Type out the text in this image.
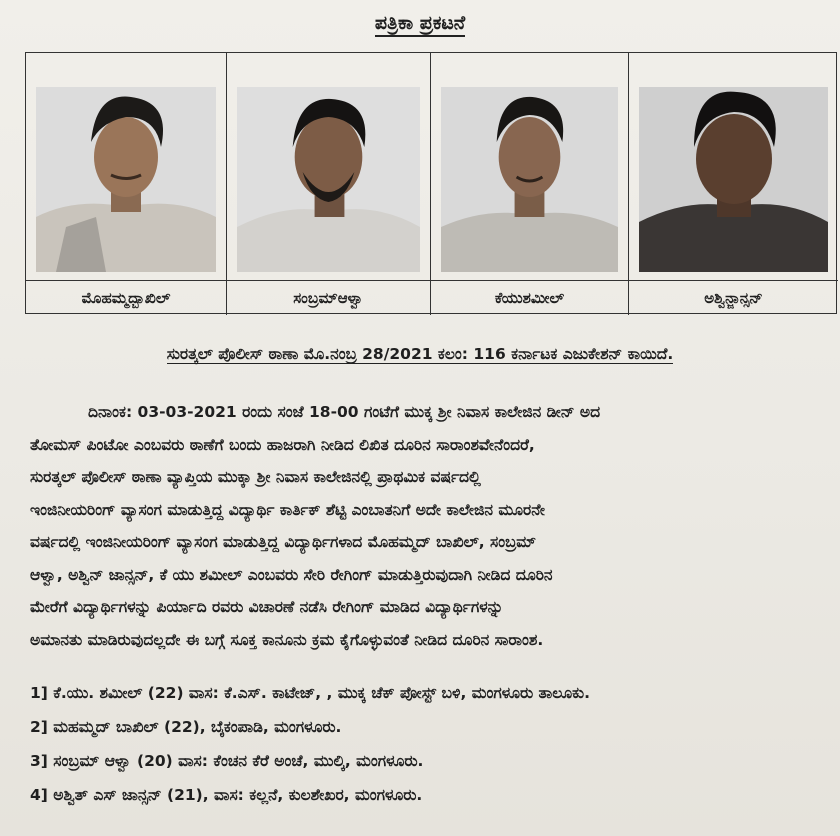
ಪತ್ರಿಕಾ ಪ್ರಕಟನೆ
ಮೊಹಮ್ಮದ್ಬಾಖಿಲ್	ಸಂಬ್ರಮ್ಆಳ್ವಾ	ಕೆಯುಶಮೀಲ್	ಅಶ್ವಿನ್ಜಾನ್ಸನ್
ಸುರತ್ಕಲ್ ಪೊಲೀಸ್ ಠಾಣಾ ಮೊ.ನಂಬ್ರ 28/2021 ಕಲಂ: 116 ಕರ್ನಾಟಕ ಎಜುಕೇಶನ್ ಕಾಯಿದೆ.

ದಿನಾಂಕ: 03-03-2021 ರಂದು ಸಂಜೆ 18-00 ಗಂಟೆಗೆ ಮುಕ್ಕ ಶ್ರೀ ನಿವಾಸ ಕಾಲೇಜಿನ ಡೀನ್ ಅದ

ತೋಮಸ್ ಪಿಂಟೋ ಎಂಬವರು ಠಾಣೆಗೆ ಬಂದು ಹಾಜರಾಗಿ ನೀಡಿದ ಲಿಖಿತ ದೂರಿನ ಸಾರಾಂಶವೇನೆಂದರೆ,

ಸುರತ್ಕಲ್ ಪೊಲೀಸ್ ಠಾಣಾ ವ್ಯಾಪ್ತಿಯ ಮುಕ್ಕಾ ಶ್ರೀ ನಿವಾಸ ಕಾಲೇಜಿನಲ್ಲಿ ಪ್ರಾಥಮಿಕ ವರ್ಷದಲ್ಲಿ

ಇಂಜಿನೀಯರಿಂಗ್ ವ್ಯಾಸಂಗ ಮಾಡುತ್ತಿದ್ದ ವಿದ್ಯಾರ್ಥಿ ಕಾರ್ತಿಕ್ ಶೆಟ್ಟಿ ಎಂಬಾತನಿಗೆ ಅದೇ ಕಾಲೇಜಿನ ಮೂರನೇ

ವರ್ಷದಲ್ಲಿ ಇಂಜಿನೀಯರಿಂಗ್ ವ್ಯಾಸಂಗ ಮಾಡುತ್ತಿದ್ದ ವಿದ್ಯಾರ್ಥಿಗಳಾದ ಮೊಹಮ್ಮದ್ ಬಾಖಿಲ್, ಸಂಬ್ರಮ್

ಆಳ್ವಾ, ಅಶ್ವಿನ್ ಜಾನ್ಸನ್, ಕೆ ಯು ಶಮೀಲ್ ಎಂಬವರು ಸೇರಿ ರೇಗಿಂಗ್ ಮಾಡುತ್ತಿರುವುದಾಗಿ ನೀಡಿದ ದೂರಿನ

ಮೇರೆಗೆ ವಿದ್ಯಾರ್ಥಿಗಳನ್ನು ಪಿರ್ಯಾದಿ ರವರು ವಿಚಾರಣೆ ನಡೆಸಿ ರೇಗಿಂಗ್ ಮಾಡಿದ ವಿದ್ಯಾರ್ಥಿಗಳನ್ನು

ಅಮಾನತು ಮಾಡಿರುವುದಲ್ಲದೇ ಈ ಬಗ್ಗೆ ಸೂಕ್ತ ಕಾನೂನು ಕ್ರಮ ಕೈಗೊಳ್ಳುವಂತೆ ನೀಡಿದ ದೂರಿನ ಸಾರಾಂಶ.

1] ಕೆ.ಯು. ಶಮೀಲ್ (22) ವಾಸ: ಕೆ.ಎಸ್. ಕಾಟೇಜ್, , ಮುಕ್ಕ ಚೆಕ್ ಪೋಸ್ಟ್ ಬಳಿ, ಮಂಗಳೂರು ತಾಲೂಕು.
2] ಮಹಮ್ಮದ್ ಬಾಖಿಲ್ (22), ಬೈಕಂಪಾಡಿ, ಮಂಗಳೂರು.
3] ಸಂಬ್ರಮ್ ಆಳ್ವಾ (20) ವಾಸ: ಕೆಂಚನ ಕೆರೆ ಅಂಚೆ, ಮುಲ್ಕಿ, ಮಂಗಳೂರು.
4] ಅಶ್ವಿತ್ ಎಸ್ ಜಾನ್ಸನ್ (21), ವಾಸ: ಕಲ್ಲನೆ, ಕುಲಶೇಖರ, ಮಂಗಳೂರು.
